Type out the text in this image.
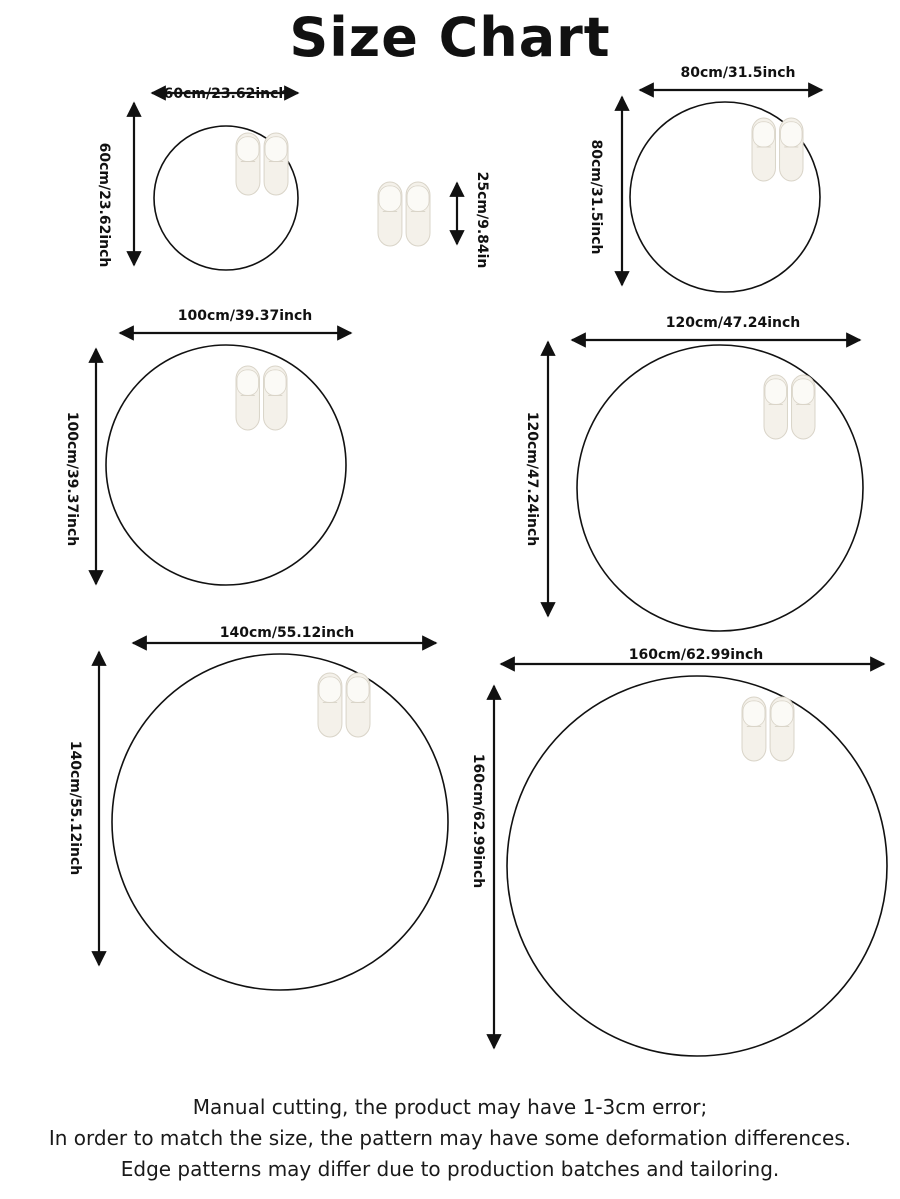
Size Chart
60cm/23.62inch
60cm/23.62inch
80cm/31.5inch
80cm/31.5inch
100cm/39.37inch
100cm/39.37inch
120cm/47.24inch
120cm/47.24inch
140cm/55.12inch
140cm/55.12inch
160cm/62.99inch
160cm/62.99inch
25cm/9.84in
Manual cutting, the product may have 1-3cm error;
In order to match the size, the pattern may have some deformation differences.
Edge patterns may differ due to production batches and tailoring.
